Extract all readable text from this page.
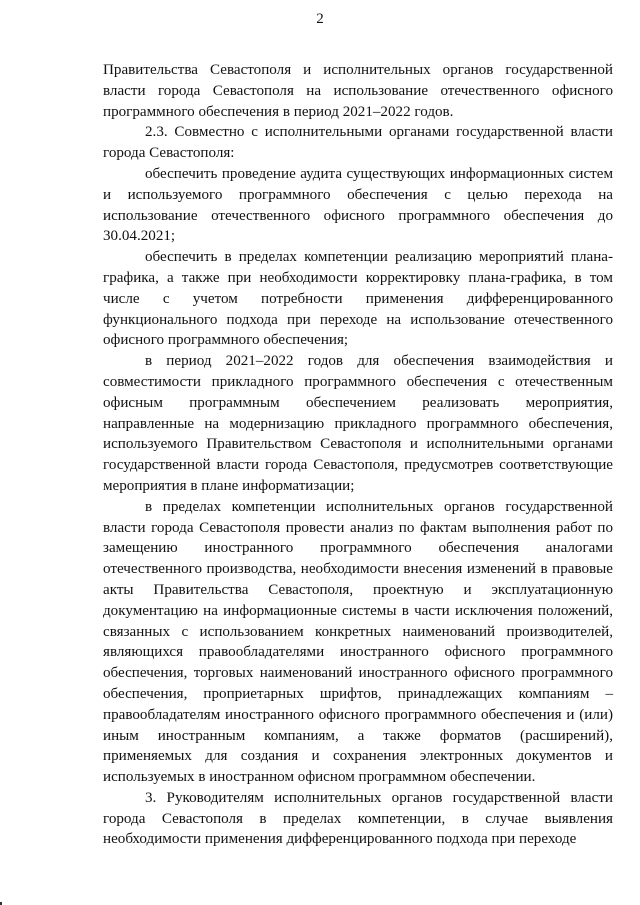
2

Правительства Севастополя и исполнительных органов государственной власти города Севастополя на использование отечественного офисного программного обеспечения в период 2021–2022 годов.

2.3. Совместно с исполнительными органами государственной власти города Севастополя:

обеспечить проведение аудита существующих информационных систем и используемого программного обеспечения с целью перехода на использование отечественного офисного программного обеспечения до 30.04.2021;

обеспечить в пределах компетенции реализацию мероприятий плана-графика, а также при необходимости корректировку плана-графика, в том числе с учетом потребности применения дифференцированного функционального подхода при переходе на использование отечественного офисного программного обеспечения;

в период 2021–2022 годов для обеспечения взаимодействия и совместимости прикладного программного обеспечения с отечественным офисным программным обеспечением реализовать мероприятия, направленные на модернизацию прикладного программного обеспечения, используемого Правительством Севастополя и исполнительными органами государственной власти города Севастополя, предусмотрев соответствующие мероприятия в плане информатизации;

в пределах компетенции исполнительных органов государственной власти города Севастополя провести анализ по фактам выполнения работ по замещению иностранного программного обеспечения аналогами отечественного производства, необходимости внесения изменений в правовые акты Правительства Севастополя, проектную и эксплуатационную документацию на информационные системы в части исключения положений, связанных с использованием конкретных наименований производителей, являющихся правообладателями иностранного офисного программного обеспечения, торговых наименований иностранного офисного программного обеспечения, проприетарных шрифтов, принадлежащих компаниям – правообладателям иностранного офисного программного обеспечения и (или) иным иностранным компаниям, а также форматов (расширений), применяемых для создания и сохранения электронных документов и используемых в иностранном офисном программном обеспечении.

3. Руководителям исполнительных органов государственной власти города Севастополя в пределах компетенции, в случае выявления необходимости применения дифференцированного подхода при переходе
